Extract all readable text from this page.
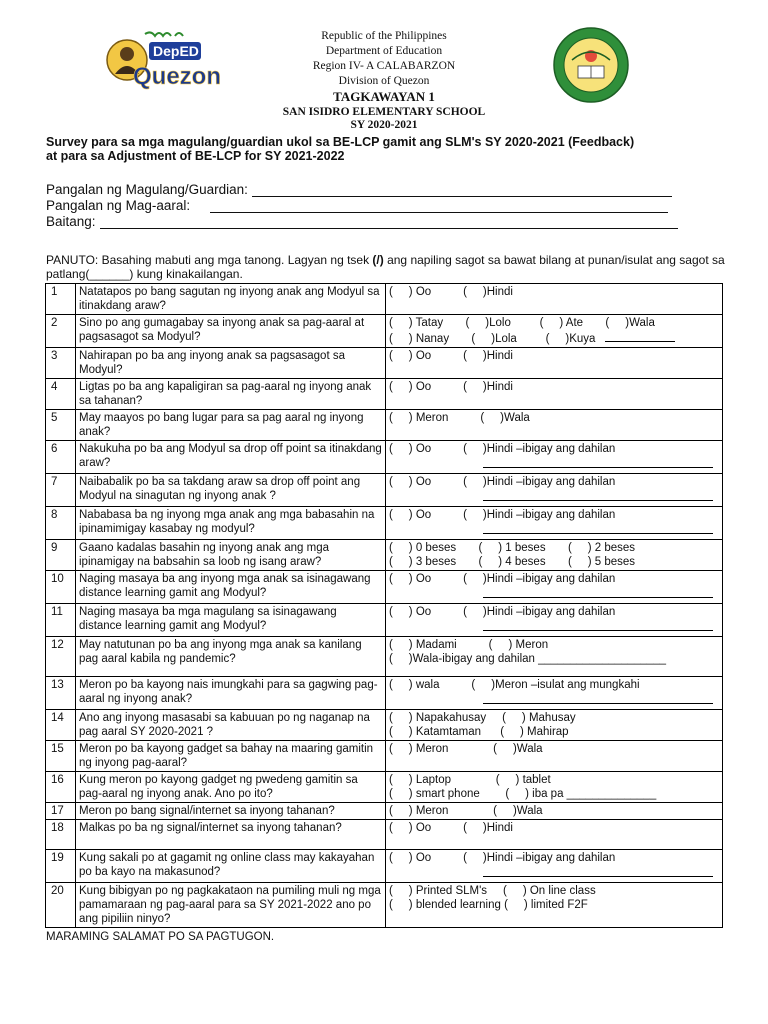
DepED
Quezon
SAN ISIDRO ELEMENTARY SCHOOL TAGKAWAYAN QUEZON
Republic of the Philippines
Department of Education
Region IV- A CALABARZON
Division of Quezon
TAGKAWAYAN 1
SAN ISIDRO ELEMENTARY SCHOOL
SY 2020-2021
Survey para sa mga magulang/guardian ukol sa BE-LCP gamit ang SLM's SY 2020-2021 (Feedback)
at para sa Adjustment of BE-LCP for SY 2021-2022
Pangalan ng Magulang/Guardian:
Pangalan ng Mag-aaral:
Baitang:
PANUTO: Basahing mabuti ang mga tanong. Lagyan ng tsek (/) ang napiling sagot sa bawat bilang at punan/isulat ang sagot sa patlang(______) kung kinakailangan.
1	Natatapos po bang sagutan ng inyong anak ang Modyul sa itinakdang araw?	(     ) Oo          (     )Hindi

2	Sino po ang gumagabay sa inyong anak sa pag-aaral at pagsasagot sa Modyul?	(     ) Tatay       (     )Lolo         (     ) Ate       (     )Wala
(     ) Nanay       (     )Lola         (     )Kuya

3	Nahirapan po ba ang inyong anak sa pagsasagot sa Modyul?	(     ) Oo          (     )Hindi

4	Ligtas po ba ang kapaligiran sa pag-aaral ng inyong anak sa tahanan?	(     ) Oo          (     )Hindi

5	May maayos po bang lugar para sa pag aaral ng inyong anak?	(     ) Meron          (     )Wala

6	Nakukuha po ba ang Modyul sa drop off point sa itinakdang araw?	(     ) Oo          (     )Hindi –ibigay ang dahilan

7	Naibabalik po ba sa takdang araw sa drop off point ang Modyul na sinagutan ng inyong anak ?	(     ) Oo          (     )Hindi –ibigay ang dahilan

8	Nababasa ba ng inyong mga anak ang mga babasahin na ipinamimigay kasabay ng modyul?	(     ) Oo          (     )Hindi –ibigay ang dahilan

9	Gaano kadalas basahin ng inyong anak ang mga ipinamigay na babsahin sa loob ng isang araw?	(     ) 0 beses       (     ) 1 beses       (     ) 2 beses
(     ) 3 beses       (     ) 4 beses       (     ) 5 beses

10	Naging masaya ba ang inyong mga anak sa isinagawang distance learning gamit ang Modyul?	(     ) Oo          (     )Hindi –ibigay ang dahilan

11	Naging masaya ba mga magulang sa isinagawang distance learning gamit ang Modyul?	(     ) Oo          (     )Hindi –ibigay ang dahilan

12	May natutunan po ba ang inyong mga anak sa kanilang pag aaral kabila ng pandemic?	(     ) Madami          (     ) Meron
(     )Wala-ibigay ang dahilan ____________________

13	Meron po ba kayong nais imungkahi para sa gagwing pag- aaral ng inyong anak?	(     ) wala          (     )Meron –isulat ang mungkahi

14	Ano ang inyong masasabi sa kabuuan po ng naganap na pag aaral SY 2020-2021 ?	(     ) Napakahusay     (     ) Mahusay
(     ) Katamtaman      (     ) Mahirap

15	Meron po ba kayong gadget sa bahay na maaring gamitin ng inyong pag-aaral?	(     ) Meron              (     )Wala

16	Kung meron po kayong gadget ng pwedeng gamitin sa pag-aaral ng inyong anak. Ano po ito?	(     ) Laptop              (     ) tablet
(     ) smart phone        (     ) iba pa ______________

17	Meron po bang signal/internet sa inyong tahanan?	(     ) Meron              (     )Wala

18	Malkas po ba ng signal/internet sa inyong tahanan?	(     ) Oo          (     )Hindi

19	Kung sakali po at gagamit ng online class may kakayahan po ba kayo na makasunod?	(     ) Oo          (     )Hindi –ibigay ang dahilan

20	Kung bibigyan po ng pagkakataon na pumiling muli ng mga pamamaraan ng pag-aaral para sa SY 2021-2022 ano po ang pipiliin ninyo?	(     ) Printed SLM's     (     ) On line class
(     ) blended learning (     ) limited F2F
MARAMING SALAMAT PO SA PAGTUGON.
